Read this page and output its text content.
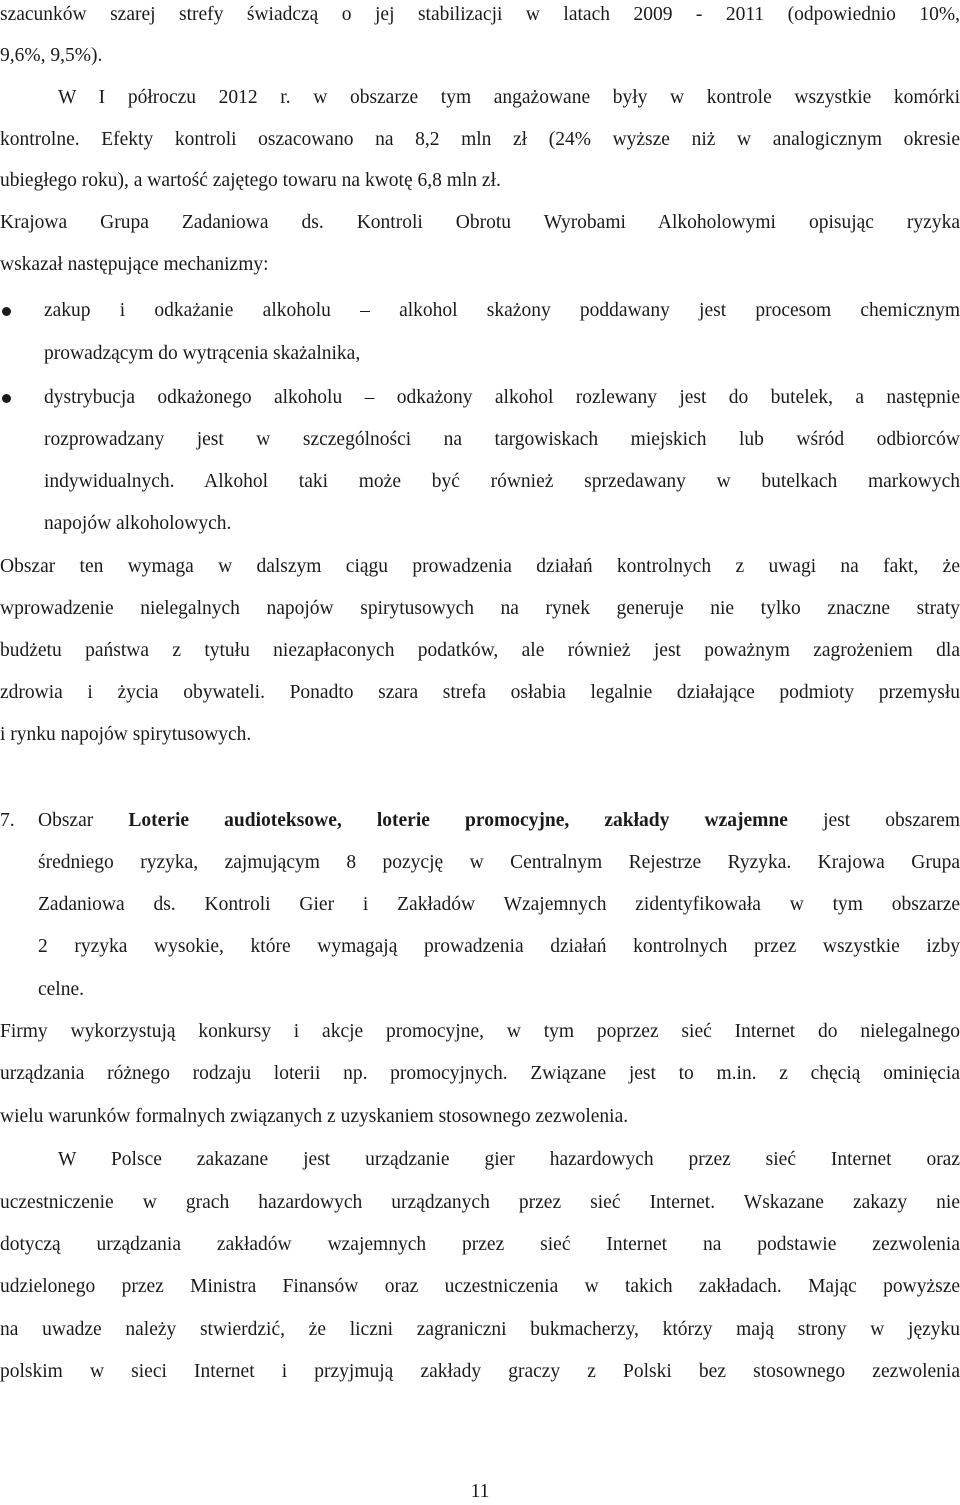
szacunków szarej strefy świadczą o jej stabilizacji w latach 2009 - 2011 (odpowiednio 10%,

9,6%, 9,5%).

W I półroczu 2012 r. w obszarze tym angażowane były w kontrole wszystkie komórki

kontrolne. Efekty kontroli oszacowano na 8,2 mln zł (24% wyższe niż w analogicznym okresie

ubiegłego roku), a wartość zajętego towaru na kwotę 6,8 mln zł.

Krajowa Grupa Zadaniowa ds. Kontroli Obrotu Wyrobami Alkoholowymi opisując ryzyka

wskazał następujące mechanizmy:

zakup i odkażanie alkoholu – alkohol skażony poddawany jest procesom chemicznym

prowadzącym do wytrącenia skażalnika,

dystrybucja odkażonego alkoholu – odkażony alkohol rozlewany jest do butelek, a następnie

rozprowadzany jest w szczególności na targowiskach miejskich lub wśród odbiorców

indywidualnych. Alkohol taki może być również sprzedawany w butelkach markowych

napojów alkoholowych.

Obszar ten wymaga w dalszym ciągu prowadzenia działań kontrolnych z uwagi na fakt, że

wprowadzenie nielegalnych napojów spirytusowych na rynek generuje nie tylko znaczne straty

budżetu państwa z tytułu niezapłaconych podatków, ale również jest poważnym zagrożeniem dla

zdrowia i życia obywateli. Ponadto szara strefa osłabia legalnie działające podmioty przemysłu

i rynku napojów spirytusowych.

7. Obszar Loterie audioteksowe, loterie promocyjne, zakłady wzajemne jest obszarem

średniego ryzyka, zajmującym 8 pozycję w Centralnym Rejestrze Ryzyka. Krajowa Grupa

Zadaniowa ds. Kontroli Gier i Zakładów Wzajemnych zidentyfikowała w tym obszarze

2 ryzyka wysokie, które wymagają prowadzenia działań kontrolnych przez wszystkie izby

celne.

Firmy wykorzystują konkursy i akcje promocyjne, w tym poprzez sieć Internet do nielegalnego

urządzania różnego rodzaju loterii np. promocyjnych. Związane jest to m.in. z chęcią ominięcia

wielu warunków formalnych związanych z uzyskaniem stosownego zezwolenia.

W Polsce zakazane jest urządzanie gier hazardowych przez sieć Internet oraz

uczestniczenie w grach hazardowych urządzanych przez sieć Internet. Wskazane zakazy nie

dotyczą urządzania zakładów wzajemnych przez sieć Internet na podstawie zezwolenia

udzielonego przez Ministra Finansów oraz uczestniczenia w takich zakładach. Mając powyższe

na uwadze należy stwierdzić, że liczni zagraniczni bukmacherzy, którzy mają strony w języku

polskim w sieci Internet i przyjmują zakłady graczy z Polski bez stosownego zezwolenia

11
